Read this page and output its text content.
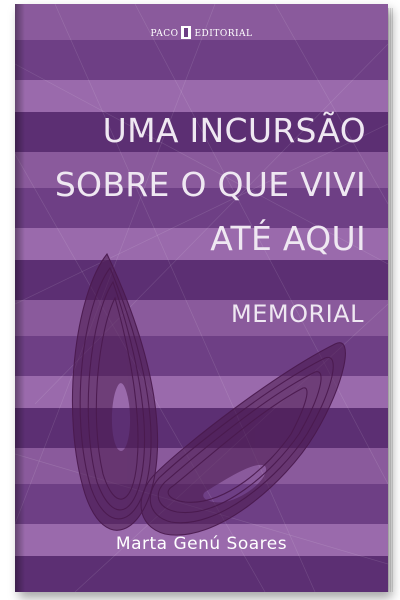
PACO EDITORIAL
UMA INCURSÃO
SOBRE O QUE VIVI
ATÉ AQUI
MEMORIAL
Marta Genú Soares
